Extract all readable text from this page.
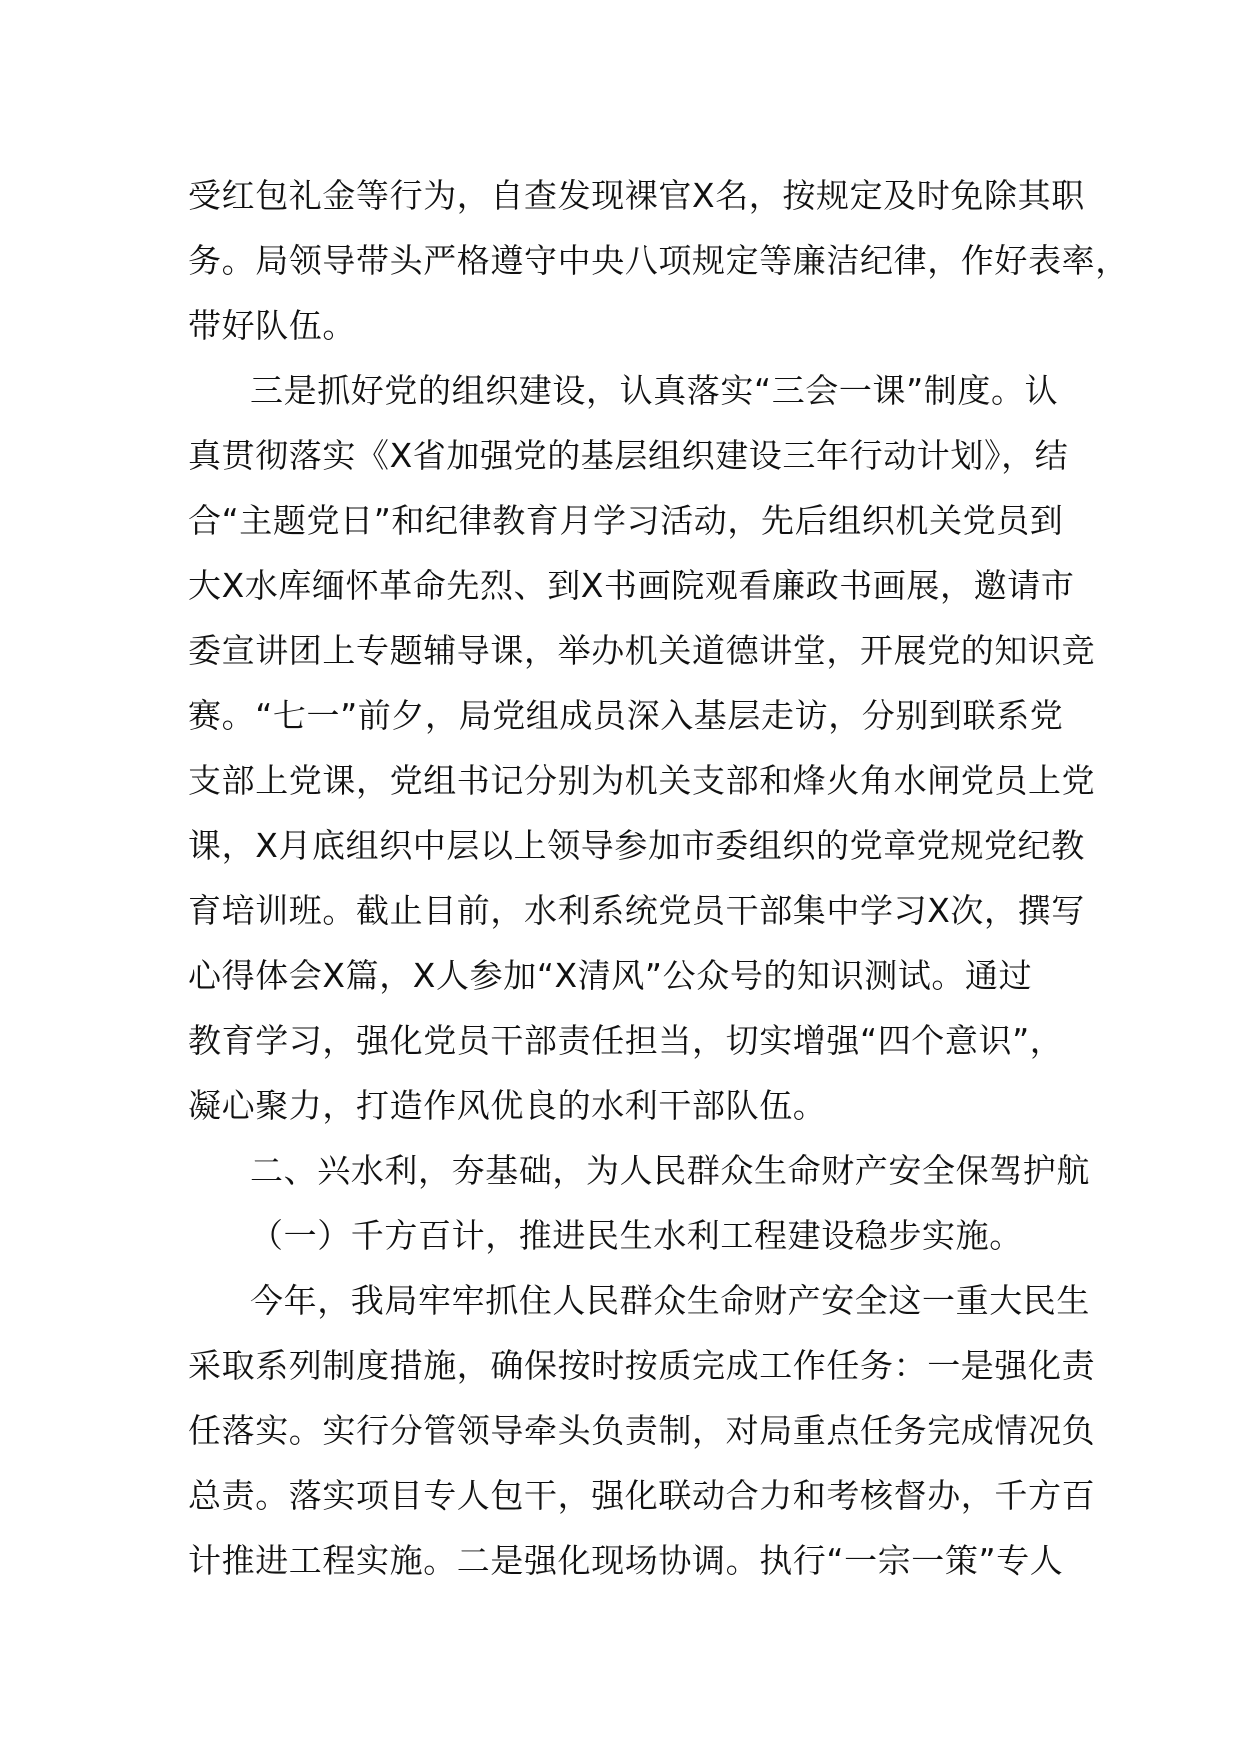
受红包礼金等行为，自查发现裸官X名，按规定及时免除其职
务。局领导带头严格遵守中央八项规定等廉洁纪律，作好表率，
带好队伍。
三是抓好党的组织建设，认真落实“三会一课”制度。认
真贯彻落实《X省加强党的基层组织建设三年行动计划》，结
合“主题党日”和纪律教育月学习活动，先后组织机关党员到
大X水库缅怀革命先烈、到X书画院观看廉政书画展，邀请市
委宣讲团上专题辅导课，举办机关道德讲堂，开展党的知识竞
赛。“七一”前夕，局党组成员深入基层走访，分别到联系党
支部上党课，党组书记分别为机关支部和烽火角水闸党员上党
课，X月底组织中层以上领导参加市委组织的党章党规党纪教
育培训班。截止目前，水利系统党员干部集中学习X次，撰写
心得体会X篇，X人参加“X清风”公众号的知识测试。通过
教育学习，强化党员干部责任担当，切实增强“四个意识”，
凝心聚力，打造作风优良的水利干部队伍。
二、兴水利，夯基础，为人民群众生命财产安全保驾护航
（一）千方百计，推进民生水利工程建设稳步实施。
今年，我局牢牢抓住人民群众生命财产安全这一重大民生
采取系列制度措施，确保按时按质完成工作任务：一是强化责
任落实。实行分管领导牵头负责制，对局重点任务完成情况负
总责。落实项目专人包干，强化联动合力和考核督办，千方百
计推进工程实施。二是强化现场协调。执行“一宗一策”专人
